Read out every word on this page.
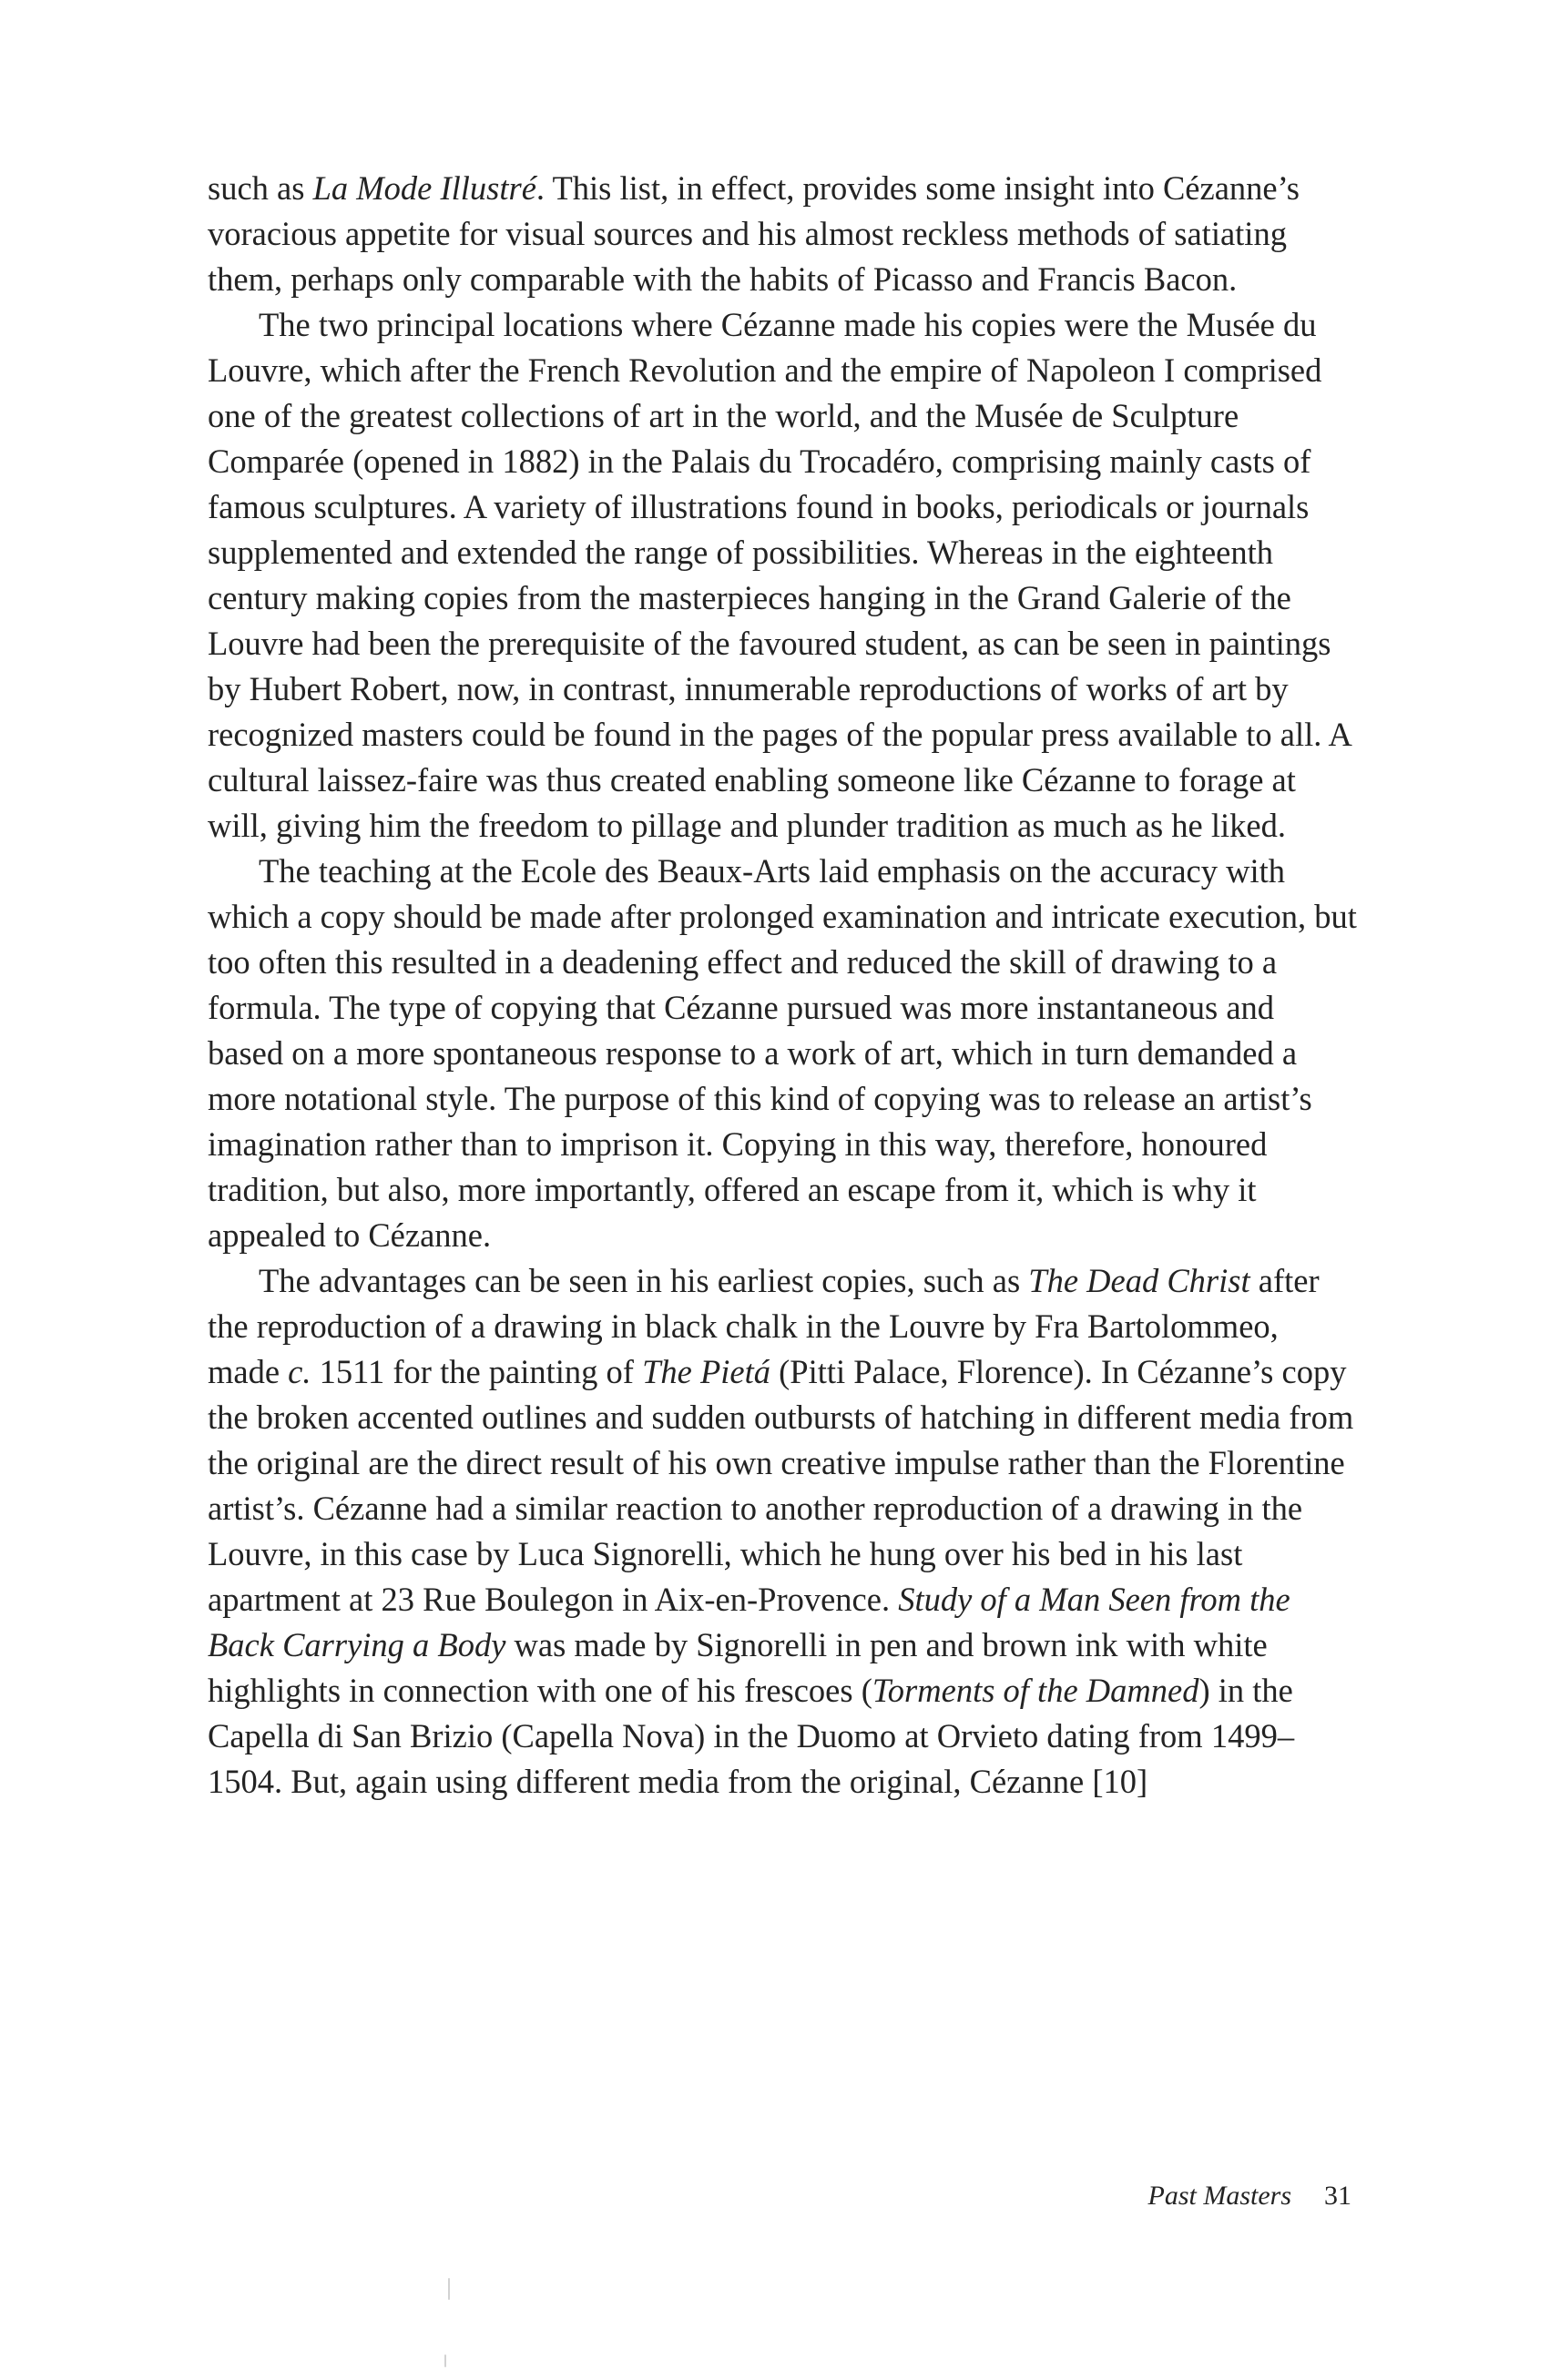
such as La Mode Illustré. This list, in effect, provides some insight into Cézanne’s voracious appetite for visual sources and his almost reckless methods of satiating them, perhaps only comparable with the habits of Picasso and Francis Bacon.

The two principal locations where Cézanne made his copies were the Musée du Louvre, which after the French Revolution and the empire of Napoleon I comprised one of the greatest collections of art in the world, and the Musée de Sculpture Comparée (opened in 1882) in the Palais du Trocadéro, comprising mainly casts of famous sculptures. A variety of illustrations found in books, periodicals or journals supplemented and extended the range of possibilities. Whereas in the eighteenth century making copies from the masterpieces hanging in the Grand Galerie of the Louvre had been the prerequisite of the favoured student, as can be seen in paintings by Hubert Robert, now, in contrast, innumerable reproductions of works of art by recognized masters could be found in the pages of the popular press available to all. A cultural laissez-faire was thus created enabling someone like Cézanne to forage at will, giving him the freedom to pillage and plunder tradition as much as he liked.

The teaching at the Ecole des Beaux-Arts laid emphasis on the accuracy with which a copy should be made after prolonged examination and intricate execution, but too often this resulted in a deadening effect and reduced the skill of drawing to a formula. The type of copying that Cézanne pursued was more instantaneous and based on a more spontaneous response to a work of art, which in turn demanded a more notational style. The purpose of this kind of copying was to release an artist’s imagination rather than to imprison it. Copying in this way, therefore, honoured tradition, but also, more importantly, offered an escape from it, which is why it appealed to Cézanne.

The advantages can be seen in his earliest copies, such as The Dead Christ after the reproduction of a drawing in black chalk in the Louvre by Fra Bartolommeo, made c. 1511 for the painting of The Pietá (Pitti Palace, Florence). In Cézanne’s copy the broken accented outlines and sudden outbursts of hatching in different media from the original are the direct result of his own creative impulse rather than the Florentine artist’s. Cézanne had a similar reaction to another reproduction of a drawing in the Louvre, in this case by Luca Signorelli, which he hung over his bed in his last apartment at 23 Rue Boulegon in Aix-en-Provence. Study of a Man Seen from the Back Carrying a Body was made by Signorelli in pen and brown ink with white highlights in connection with one of his frescoes (Torments of the Damned) in the Capella di San Brizio (Capella Nova) in the Duomo at Orvieto dating from 1499–1504. But, again using different media from the original, Cézanne [10]

Past Masters 31
